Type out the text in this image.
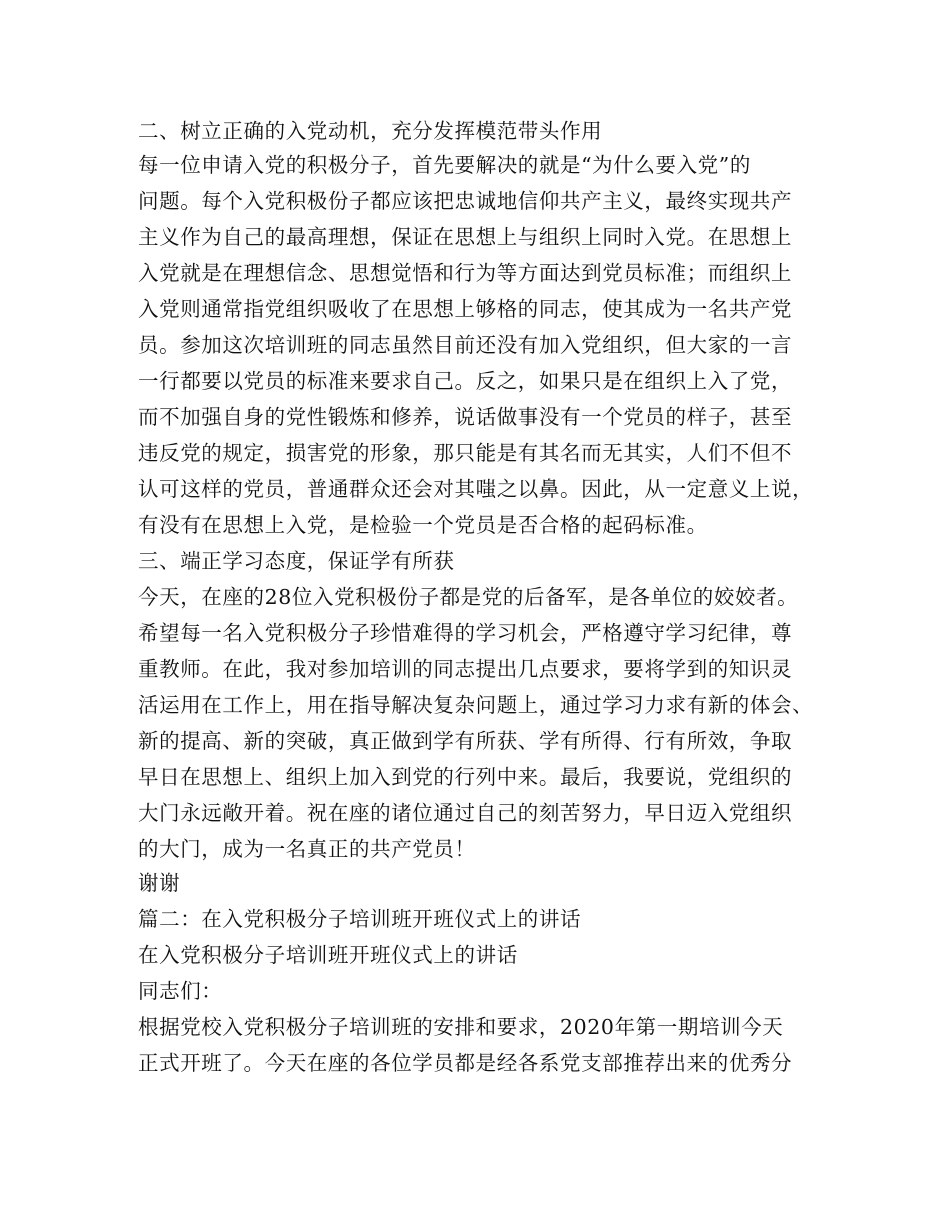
二、树立正确的入党动机，充分发挥模范带头作用
每一位申请入党的积极分子，首先要解决的就是“为什么要入党”的
问题。每个入党积极份子都应该把忠诚地信仰共产主义，最终实现共产
主义作为自己的最高理想，保证在思想上与组织上同时入党。在思想上
入党就是在理想信念、思想觉悟和行为等方面达到党员标准；而组织上
入党则通常指党组织吸收了在思想上够格的同志，使其成为一名共产党
员。参加这次培训班的同志虽然目前还没有加入党组织，但大家的一言
一行都要以党员的标准来要求自己。反之，如果只是在组织上入了党，
而不加强自身的党性锻炼和修养，说话做事没有一个党员的样子，甚至
违反党的规定，损害党的形象，那只能是有其名而无其实，人们不但不
认可这样的党员，普通群众还会对其嗤之以鼻。因此，从一定意义上说，
有没有在思想上入党，是检验一个党员是否合格的起码标准。
三、端正学习态度，保证学有所获
今天，在座的28位入党积极份子都是党的后备军，是各单位的姣姣者。
希望每一名入党积极分子珍惜难得的学习机会，严格遵守学习纪律，尊
重教师。在此，我对参加培训的同志提出几点要求，要将学到的知识灵
活运用在工作上，用在指导解决复杂问题上，通过学习力求有新的体会、
新的提高、新的突破，真正做到学有所获、学有所得、行有所效，争取
早日在思想上、组织上加入到党的行列中来。最后，我要说，党组织的
大门永远敞开着。祝在座的诸位通过自己的刻苦努力，早日迈入党组织
的大门，成为一名真正的共产党员！
谢谢
篇二：在入党积极分子培训班开班仪式上的讲话
在入党积极分子培训班开班仪式上的讲话
同志们：
根据党校入党积极分子培训班的安排和要求，2020年第一期培训今天
正式开班了。今天在座的各位学员都是经各系党支部推荐出来的优秀分
